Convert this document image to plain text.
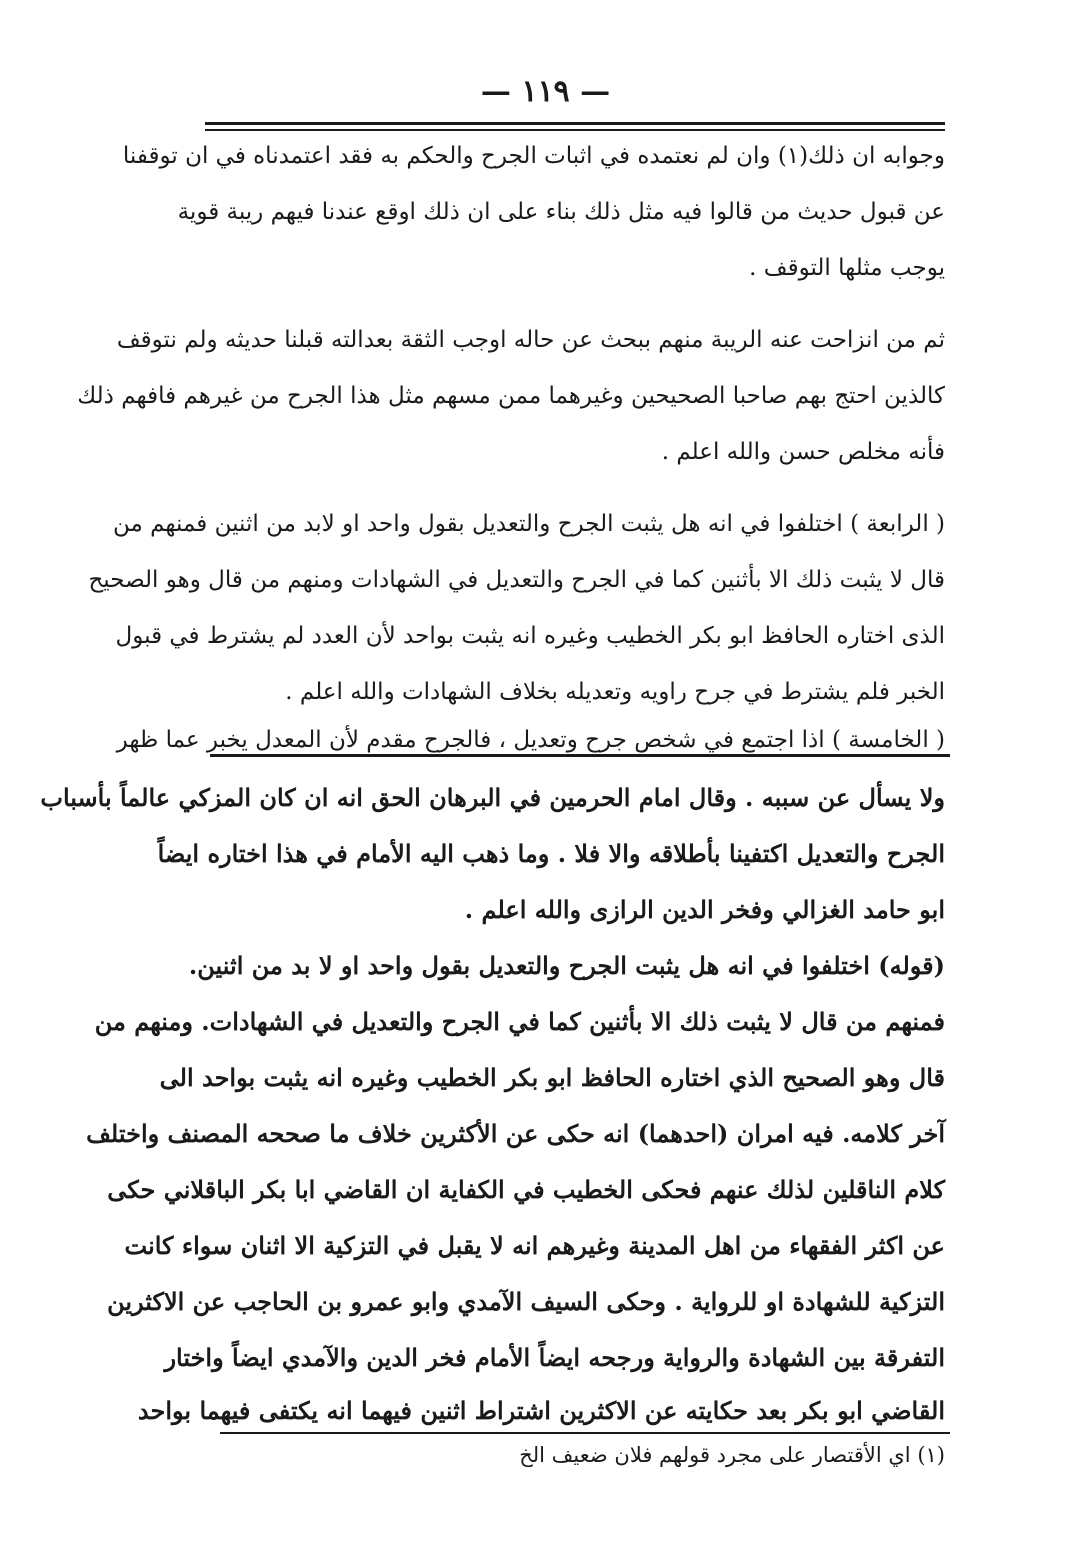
— ١١٩ —
وجوابه ان ذلك(١) وان لم نعتمده في اثبات الجرح والحكم به فقد اعتمدناه في ان توقفنا
عن قبول حديث من قالوا فيه مثل ذلك بناء على ان ذلك اوقع عندنا فيهم ريبة قوية
يوجب مثلها التوقف .
ثم من انزاحت عنه الريبة منهم ببحث عن حاله اوجب الثقة بعدالته قبلنا حديثه ولم نتوقف
كالذين احتج بهم صاحبا الصحيحين وغيرهما ممن مسهم مثل هذا الجرح من غيرهم فافهم ذلك
فأنه مخلص حسن والله اعلم .
( الرابعة ) اختلفوا في انه هل يثبت الجرح والتعديل بقول واحد او لابد من اثنين فمنهم من
قال لا يثبت ذلك الا بأثنين كما في الجرح والتعديل في الشهادات ومنهم من قال وهو الصحيح
الذى اختاره الحافظ ابو بكر الخطيب وغيره انه يثبت بواحد لأن العدد لم يشترط في قبول
الخبر فلم يشترط في جرح راويه وتعديله بخلاف الشهادات والله اعلم .
( الخامسة ) اذا اجتمع في شخص جرح وتعديل ، فالجرح مقدم لأن المعدل يخبر عما ظهر
ولا يسأل عن سببه . وقال امام الحرمين في البرهان الحق انه ان كان المزكي عالماً بأسباب
الجرح والتعديل اكتفينا بأطلاقه والا فلا . وما ذهب اليه الأمام في هذا اختاره ايضاً
ابو حامد الغزالي وفخر الدين الرازى والله اعلم .
(قوله) اختلفوا في انه هل يثبت الجرح والتعديل بقول واحد او لا بد من اثنين.
فمنهم من قال لا يثبت ذلك الا بأثنين كما في الجرح والتعديل في الشهادات. ومنهم من
قال وهو الصحيح الذي اختاره الحافظ ابو بكر الخطيب وغيره انه يثبت بواحد الى
آخر كلامه. فيه امران (احدهما) انه حكى عن الأكثرين خلاف ما صححه المصنف واختلف
كلام الناقلين لذلك عنهم فحكى الخطيب في الكفاية ان القاضي ابا بكر الباقلاني حكى
عن اكثر الفقهاء من اهل المدينة وغيرهم انه لا يقبل في التزكية الا اثنان سواء كانت
التزكية للشهادة او للرواية . وحكى السيف الآمدي وابو عمرو بن الحاجب عن الاكثرين
التفرقة بين الشهادة والرواية ورجحه ايضاً الأمام فخر الدين والآمدي ايضاً واختار
القاضي ابو بكر بعد حكايته عن الاكثرين اشتراط اثنين فيهما انه يكتفى فيهما بواحد
(١) اي الأقتصار على مجرد قولهم فلان ضعيف الخ
